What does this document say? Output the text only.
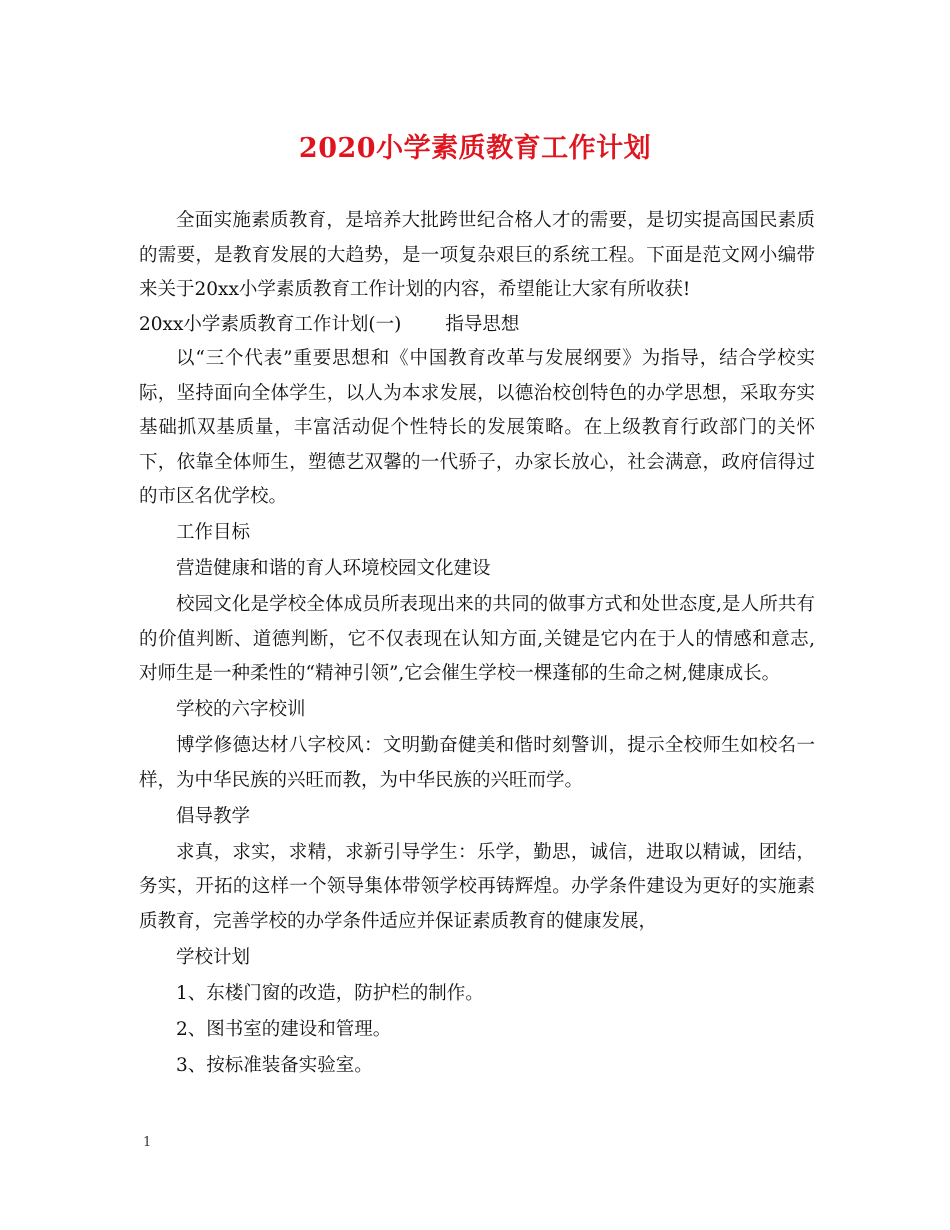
2020小学素质教育工作计划

全面实施素质教育，是培养大批跨世纪合格人才的需要，是切实提高国民素质的需要，是教育发展的大趋势，是一项复杂艰巨的系统工程。下面是范文网小编带来关于20xx小学素质教育工作计划的内容，希望能让大家有所收获!

20xx小学素质教育工作计划(一) 指导思想

以“三个代表”重要思想和《中国教育改革与发展纲要》为指导，结合学校实际，坚持面向全体学生，以人为本求发展，以德治校创特色的办学思想，采取夯实基础抓双基质量，丰富活动促个性特长的发展策略。在上级教育行政部门的关怀下，依靠全体师生，塑德艺双馨的一代骄子，办家长放心，社会满意，政府信得过的市区名优学校。

工作目标

营造健康和谐的育人环境校园文化建设

校园文化是学校全体成员所表现出来的共同的做事方式和处世态度,是人所共有的价值判断、道德判断，它不仅表现在认知方面,关键是它内在于人的情感和意志,对师生是一种柔性的“精神引领”,它会催生学校一棵蓬郁的生命之树,健康成长。

学校的六字校训

博学修德达材八字校风：文明勤奋健美和偕时刻警训，提示全校师生如校名一样，为中华民族的兴旺而教，为中华民族的兴旺而学。

倡导教学

求真，求实，求精，求新引导学生：乐学，勤思，诚信，进取以精诚，团结，务实，开拓的这样一个领导集体带领学校再铸辉煌。办学条件建设为更好的实施素质教育，完善学校的办学条件适应并保证素质教育的健康发展，

学校计划

1、东楼门窗的改造，防护栏的制作。

2、图书室的建设和管理。

3、按标准装备实验室。

1
